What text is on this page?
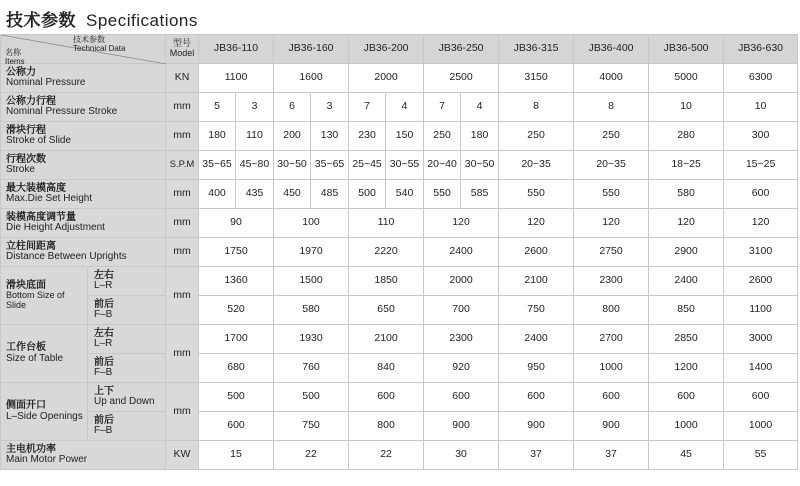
技术参数 Specifications
技术参数
Technical Data
名称
Items		型号
Model	JB36-110		JB36-160		JB36-200		JB36-250		JB36-315	JB36-400	JB36-500	JB36-630

公称力
Nominal Pressure		KN	1100		1600		2000		2500		3150	4000	5000	6300

公称力行程
Nominal Pressure Stroke		mm	5	3	6	3	7	4	7	4	8	8	10	10

滑块行程
Stroke of Slide		mm	180	110	200	130	230	150	250	180	250	250	280	300

行程次数
Stroke		S.P.M	35~65	45~80	30~50	35~65	25~45	30~55	20~40	30~50	20~35	20~35	18~25	15~25

最大装模高度
Max.Die Set Height		mm	400	435	450	485	500	540	550	585	550	550	580	600

装模高度调节量
Die Height Adjustment		mm	90		100		110		120		120	120	120	120

立柱间距离
Distance Between Uprights		mm	1750		1970		2220		2400		2600	2750	2900	3100

滑块底面
Bottom Size of Slide	左右
L–R	mm	1360		1500		1850		2000		2100	2300	2400	2600

	前后
F–B		520		580		650		700		750	800	850	1100

工作台板
Size of Table	左右
L–R	mm	1700		1930		2100		2300		2400	2700	2850	3000

	前后
F–B		680		760		840		920		950	1000	1200	1400

侧面开口
L–Side Openings	上下
Up and Down	mm	500		500		600		600		600	600	600	600

	前后
F–B		600		750		800		900		900	900	1000	1000

主电机功率
Main Motor Power		KW	15		22		22		30		37	37	45	55
